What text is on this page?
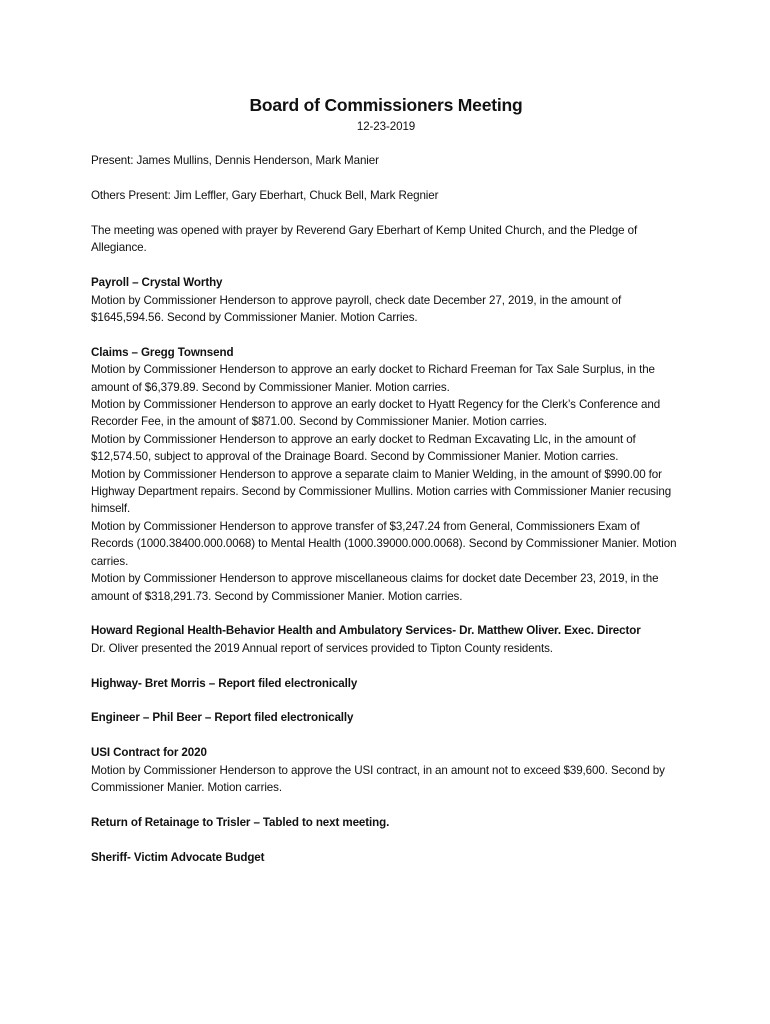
Board of Commissioners Meeting
12-23-2019
Present: James Mullins, Dennis Henderson, Mark Manier
Others Present: Jim Leffler, Gary Eberhart, Chuck Bell, Mark Regnier
The meeting was opened with prayer by Reverend Gary Eberhart of Kemp United Church, and the Pledge of Allegiance.
Payroll – Crystal Worthy
Motion by Commissioner Henderson to approve payroll, check date December 27, 2019, in the amount of $1645,594.56. Second by Commissioner Manier. Motion Carries.
Claims – Gregg Townsend
Motion by Commissioner Henderson to approve an early docket to Richard Freeman for Tax Sale Surplus, in the amount of $6,379.89. Second by Commissioner Manier. Motion carries.
Motion by Commissioner Henderson to approve an early docket to Hyatt Regency for the Clerk’s Conference and Recorder Fee, in the amount of $871.00. Second by Commissioner Manier. Motion carries.
Motion by Commissioner Henderson to approve an early docket to Redman Excavating Llc, in the amount of $12,574.50, subject to approval of the Drainage Board. Second by Commissioner Manier. Motion carries.
Motion by Commissioner Henderson to approve a separate claim to Manier Welding, in the amount of $990.00 for Highway Department repairs. Second by Commissioner Mullins. Motion carries with Commissioner Manier recusing himself.
Motion by Commissioner Henderson to approve transfer of $3,247.24 from General, Commissioners Exam of Records (1000.38400.000.0068) to Mental Health (1000.39000.000.0068). Second by Commissioner Manier. Motion carries.
Motion by Commissioner Henderson to approve miscellaneous claims for docket date December 23, 2019, in the amount of $318,291.73. Second by Commissioner Manier. Motion carries.
Howard Regional Health-Behavior Health and Ambulatory Services- Dr. Matthew Oliver. Exec. Director
Dr. Oliver presented the 2019 Annual report of services provided to Tipton County residents.
Highway- Bret Morris – Report filed electronically
Engineer – Phil Beer – Report filed electronically
USI Contract for 2020
Motion by Commissioner Henderson to approve the USI contract, in an amount not to exceed $39,600. Second by Commissioner Manier. Motion carries.
Return of Retainage to Trisler – Tabled to next meeting.
Sheriff- Victim Advocate Budget
